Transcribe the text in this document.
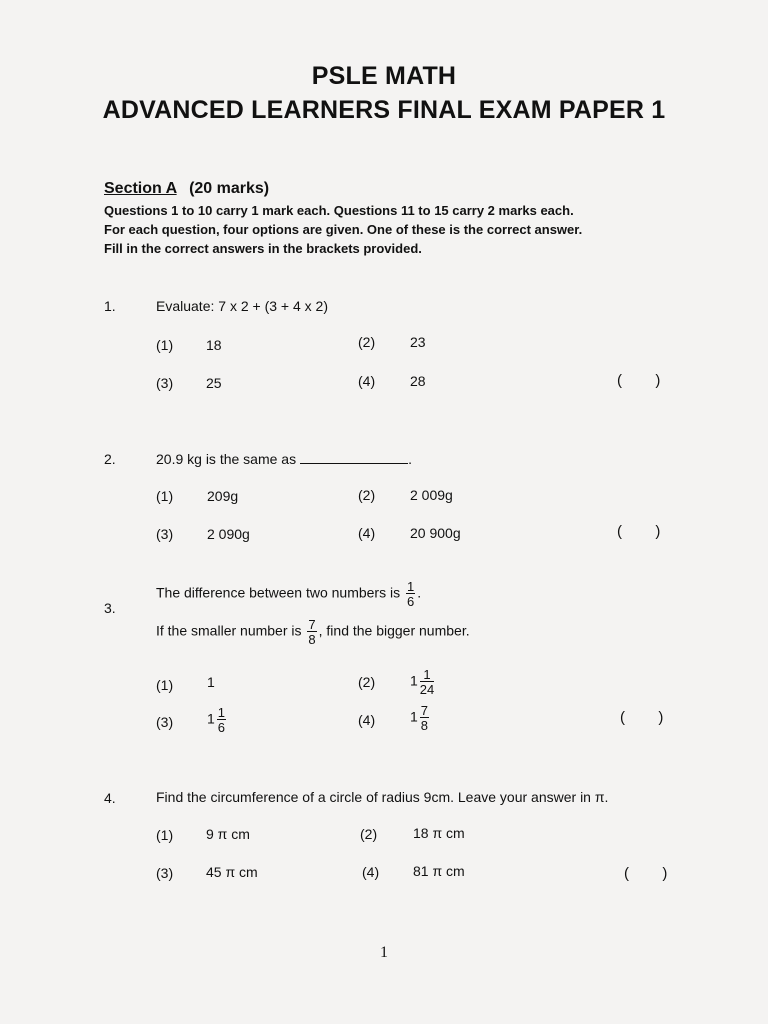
PSLE MATH
ADVANCED LEARNERS FINAL EXAM PAPER 1
Section A (20 marks)
Questions 1 to 10 carry 1 mark each. Questions 11 to 15 carry 2 marks each.
For each question, four options are given. One of these is the correct answer.
Fill in the correct answers in the brackets provided.
1.	Evaluate: 7 x 2 + (3 + 4 x 2)
(1) 18	(2) 23
(3) 25	(4) 28	(        )
2.	20.9 kg is the same as	.
(1) 209g	(2) 2 009g
(3) 2 090g	(4) 20 900g	(        )
3.
The difference between two numbers is $\frac{1}{6}$ .
If the smaller number is $\frac{7}{8}$ , find the bigger number.
(1) 1	(2) $1 \frac{1}{24}$
(3) $1 \frac{1}{6}$	(4) $1 \frac{7}{8}$	(        )
4.	Find the circumference of a circle of radius 9cm. Leave your answer in π.
(1) 9 π cm	(2)	18 π cm
(3) 45 π cm	(4) 81 π cm	(        )
1
